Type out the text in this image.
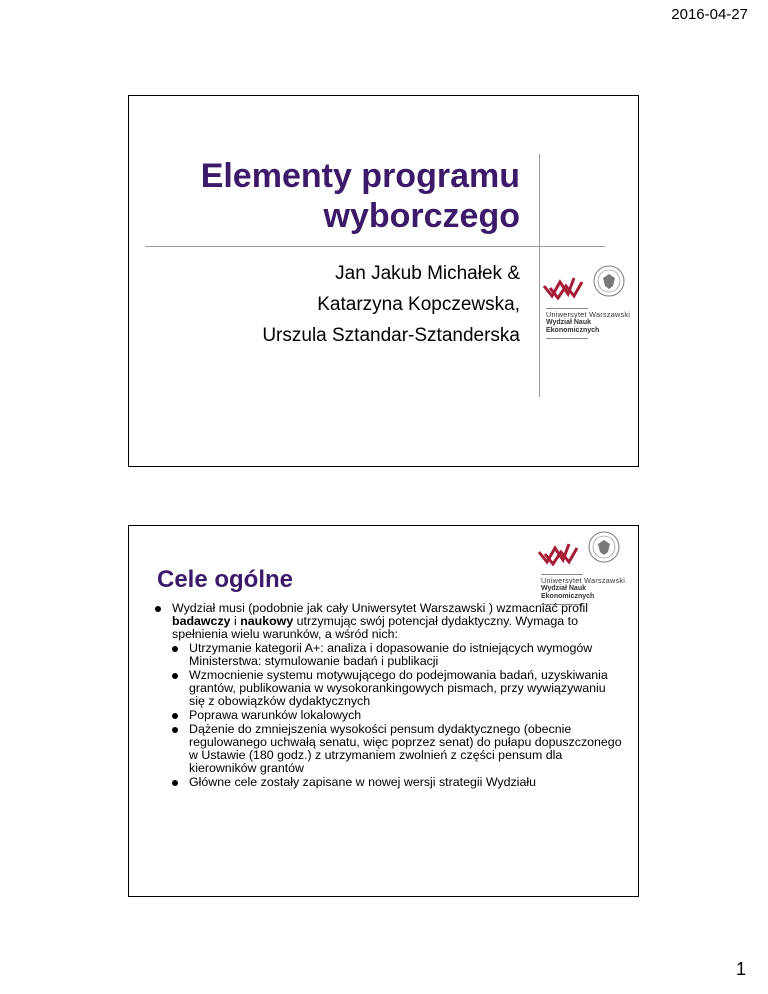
2016-04-27
Elementy programu
wyborczego
Jan Jakub Michałek &
Katarzyna Kopczewska,
Urszula Sztandar-Sztanderska
Uniwersytet Warszawski
Wydział Nauk
Ekonomicznych
Cele ogólne	Uniwersytet Warszawski
Wydział Nauk
Ekonomicznych

Wydział musi (podobnie jak cały Uniwersytet Warszawski ) wzmacniać profil badawczy i naukowy utrzymując swój potencjał dydaktyczny. Wymaga to spełnienia wielu warunków, a wśród nich:

Utrzymanie kategorii A+: analiza i dopasowanie do istniejących wymogów Ministerstwa: stymulowanie badań i publikacji
Wzmocnienie systemu motywującego do podejmowania badań, uzyskiwania grantów, publikowania w wysokorankingowych pismach, przy wywiązywaniu się z obowiązków dydaktycznych
Poprawa warunków lokalowych
Dążenie do zmniejszenia wysokości pensum dydaktycznego (obecnie regulowanego uchwałą senatu, więc poprzez senat) do pułapu dopuszczonego w Ustawie (180 godz.) z utrzymaniem zwolnień z części pensum dla kierowników grantów
Główne cele zostały zapisane w nowej wersji strategii Wydziału
1
